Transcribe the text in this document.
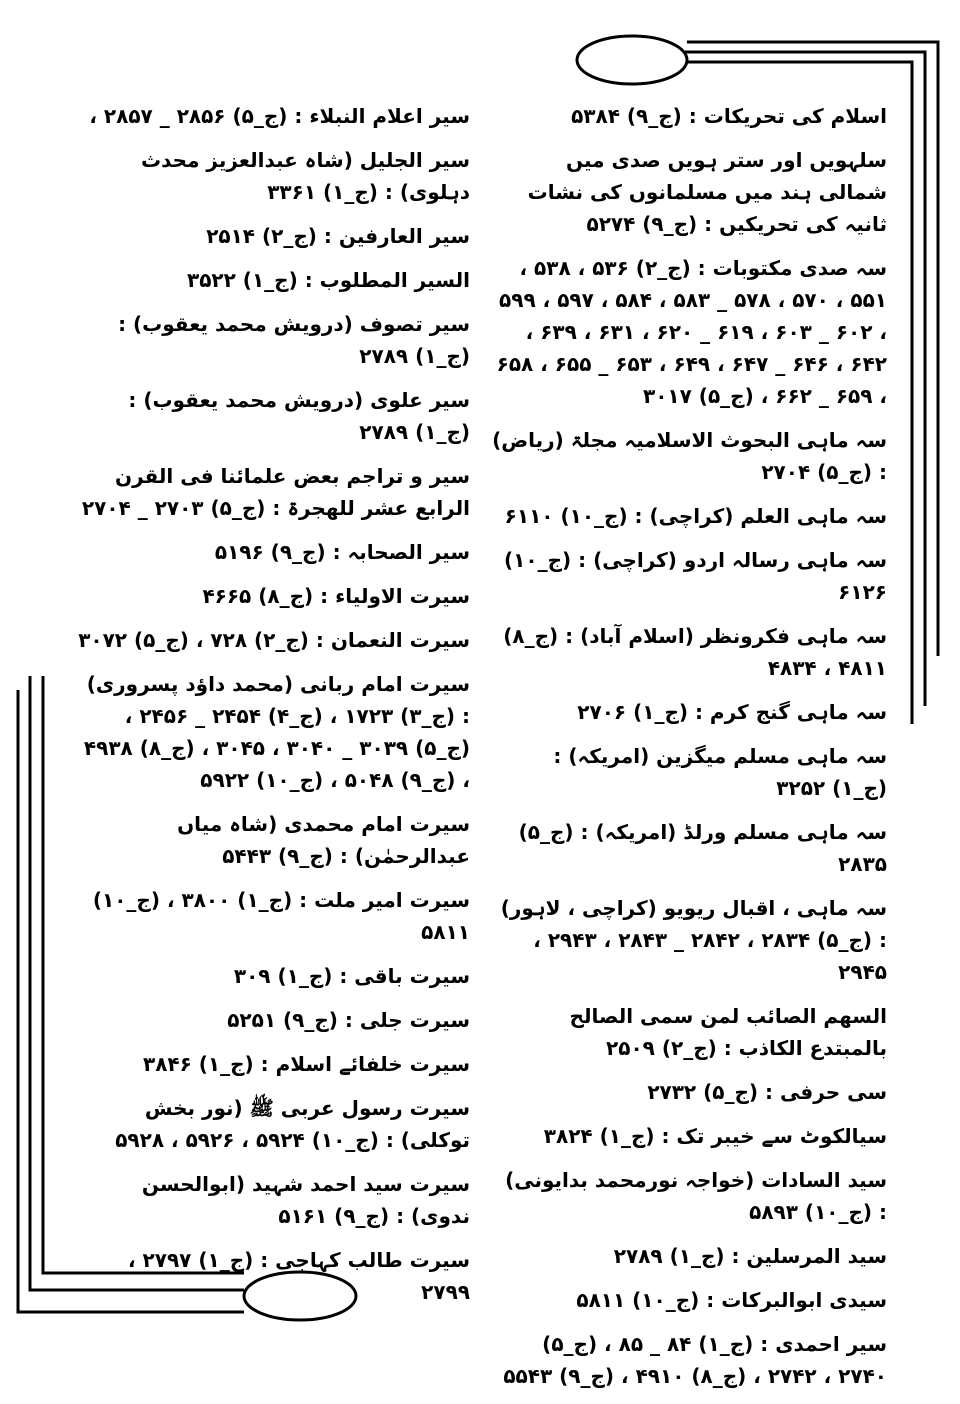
اسلام کی تحریکات : (ج_۹) ۵۳۸۴

سلہویں اور ستر ہویں صدی میں شمالی ہند میں مسلمانوں کی نشات ثانیہ کی تحریکیں : (ج_۹) ۵۲۷۴

سہ صدی مکتوبات : (ج_۲) ۵۳۶ ، ۵۳۸ ، ۵۵۱ ، ۵۷۰ ، ۵۷۸ _ ۵۸۳ ، ۵۸۴ ، ۵۹۷ ، ۵۹۹ ، ۶۰۲ _ ۶۰۳ ، ۶۱۹ _ ۶۲۰ ، ۶۳۱ ، ۶۳۹ ، ۶۴۲ ، ۶۴۶ _ ۶۴۷ ، ۶۴۹ ، ۶۵۳ _ ۶۵۵ ، ۶۵۸ ، ۶۵۹ _ ۶۶۲ ، (ج_۵) ۳۰۱۷

سہ ماہی البحوث الاسلامیہ مجلۃ (ریاض) : (ج_۵) ۲۷۰۴

سہ ماہی العلم (کراچی) : (ج_۱۰) ۶۱۱۰

سہ ماہی رسالہ اردو (کراچی) : (ج_۱۰) ۶۱۲۶

سہ ماہی فکرونظر (اسلام آباد) : (ج_۸) ۴۸۱۱ ، ۴۸۳۴

سہ ماہی گنج کرم : (ج_۱) ۲۷۰۶

سہ ماہی مسلم میگزین (امریکہ) : (ج_۱) ۳۲۵۲

سہ ماہی مسلم ورلڈ (امریکہ) : (ج_۵) ۲۸۳۵

سہ ماہی ، اقبال ریویو (کراچی ، لاہور) : (ج_۵) ۲۸۳۴ ، ۲۸۴۲ _ ۲۸۴۳ ، ۲۹۴۳ ، ۲۹۴۵

السھم الصائب لمن سمی الصالح بالمبتدع الکاذب : (ج_۲) ۲۵۰۹

سی حرفی : (ج_۵) ۲۷۳۲

سیالکوٹ سے خیبر تک : (ج_۱) ۳۸۲۴

سید السادات (خواجہ نورمحمد بدایونی) : (ج_۱۰) ۵۸۹۳

سید المرسلین : (ج_۱) ۲۷۸۹

سیدی ابوالبرکات : (ج_۱۰) ۵۸۱۱

سیر احمدی : (ج_۱) ۸۴ _ ۸۵ ، (ج_۵) ۲۷۴۰ ، ۲۷۴۲ ، (ج_۸) ۴۹۱۰ ، (ج_۹) ۵۵۴۳

سیر اعلام النبلاء : (ج_۵) ۲۸۵۶ _ ۲۸۵۷ ،

سیر الجلیل (شاہ عبدالعزیز محدث دہلوی) : (ج_۱) ۳۳۶۱

سیر العارفین : (ج_۲) ۲۵۱۴

السیر المطلوب : (ج_۱) ۳۵۲۲

سیر تصوف (درویش محمد یعقوب) : (ج_۱) ۲۷۸۹

سیر علوی (درویش محمد یعقوب) : (ج_۱) ۲۷۸۹

سیر و تراجم بعض علمائنا فی القرن الرابع عشر للھجرۃ : (ج_۵) ۲۷۰۳ _ ۲۷۰۴

سیر الصحابہ : (ج_۹) ۵۱۹۶

سیرت الاولیاء : (ج_۸) ۴۶۶۵

سیرت النعمان : (ج_۲) ۷۲۸ ، (ج_۵) ۳۰۷۲

سیرت امام ربانی (محمد داؤد پسروری) : (ج_۳) ۱۷۲۳ ، (ج_۴) ۲۴۵۴ _ ۲۴۵۶ ، (ج_۵) ۳۰۳۹ _ ۳۰۴۰ ، ۳۰۴۵ ، (ج_۸) ۴۹۳۸ ، (ج_۹) ۵۰۴۸ ، (ج_۱۰) ۵۹۲۲

سیرت امام محمدی (شاہ میاں عبدالرحمٰن) : (ج_۹) ۵۴۴۳

سیرت امیر ملت : (ج_۱) ۳۸۰۰ ، (ج_۱۰) ۵۸۱۱

سیرت باقی : (ج_۱) ۳۰۹

سیرت جلی : (ج_۹) ۵۲۵۱

سیرت خلفائے اسلام : (ج_۱) ۳۸۴۶

سیرت رسول عربی ﷺ (نور بخش توکلی) : (ج_۱۰) ۵۹۲۴ ، ۵۹۲۶ ، ۵۹۲۸

سیرت سید احمد شہید (ابوالحسن ندوی) : (ج_۹) ۵۱۶۱

سیرت طالب کہاجی : (ج_۱) ۲۷۹۷ ، ۲۷۹۹
